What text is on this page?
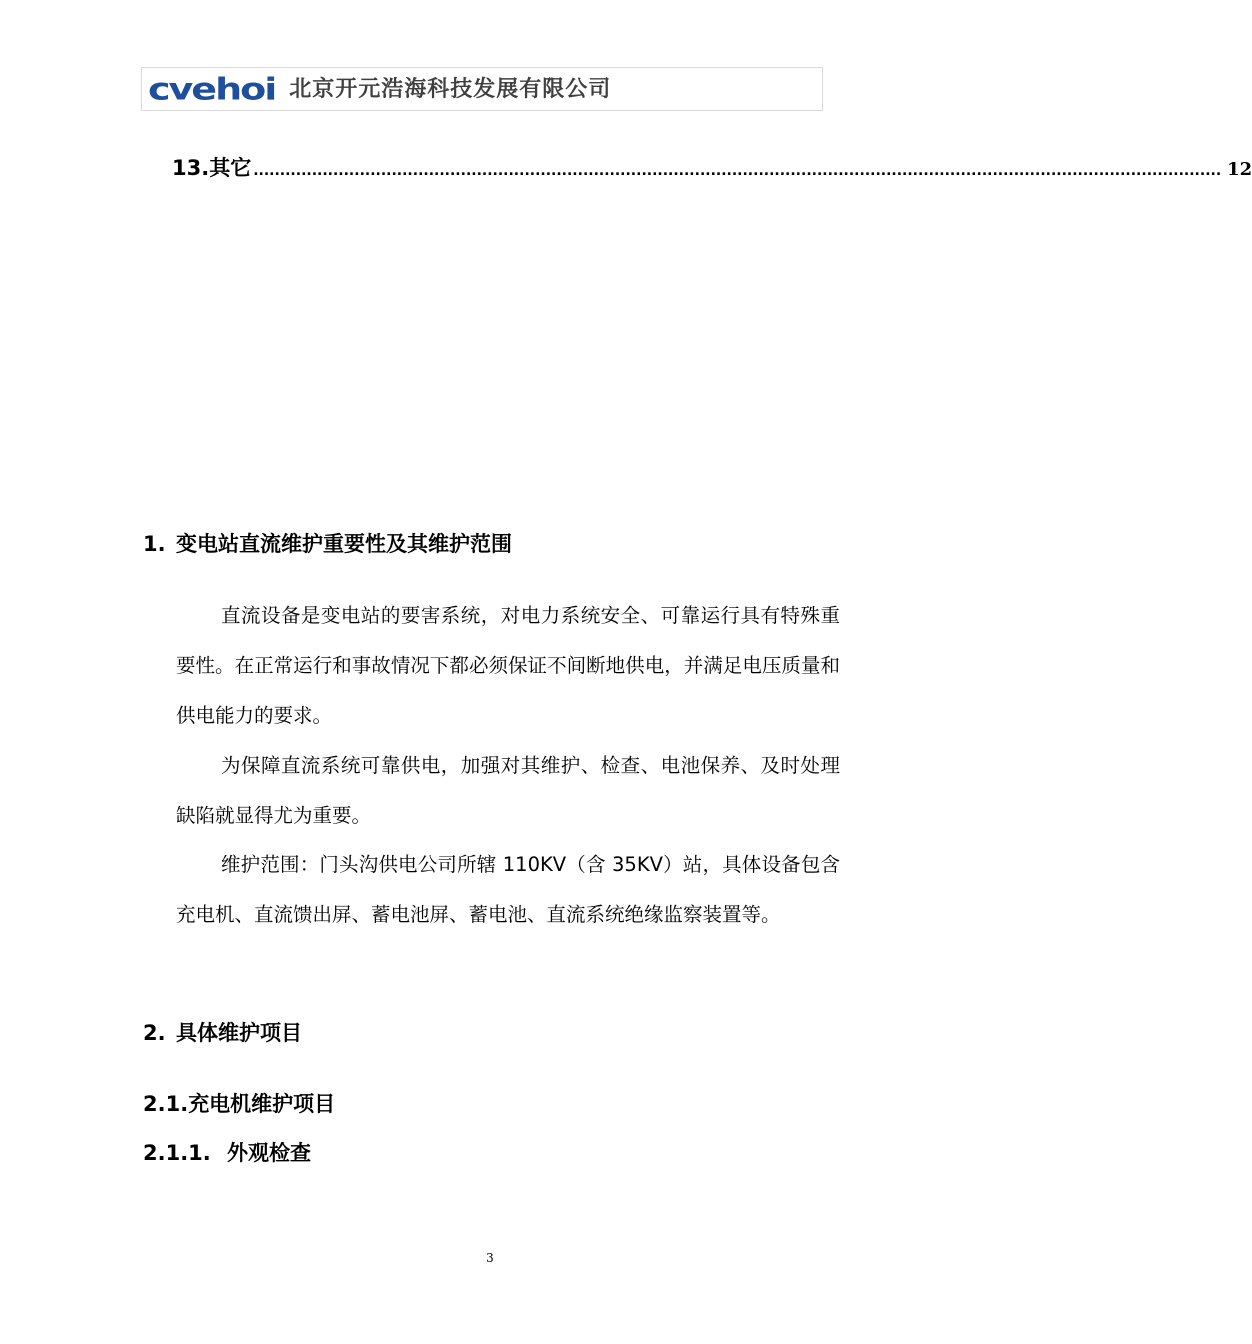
cvehoi 北京开元浩海科技发展有限公司
13. 其它 ...................................................................................................................................................................................... 12
1. 变电站直流维护重要性及其维护范围
直流设备是变电站的要害系统，对电力系统安全、可靠运行具有特殊重要性。在正常运行和事故情况下都必须保证不间断地供电，并满足电压质量和供电能力的要求。
为保障直流系统可靠供电，加强对其维护、检查、电池保养、及时处理缺陷就显得尤为重要。
维护范围：门头沟供电公司所辖 110KV（含 35KV）站，具体设备包含充电机、直流馈出屏、蓄电池屏、蓄电池、直流系统绝缘监察装置等。
2. 具体维护项目
2.1.充电机维护项目
2.1.1. 外观检查
3
